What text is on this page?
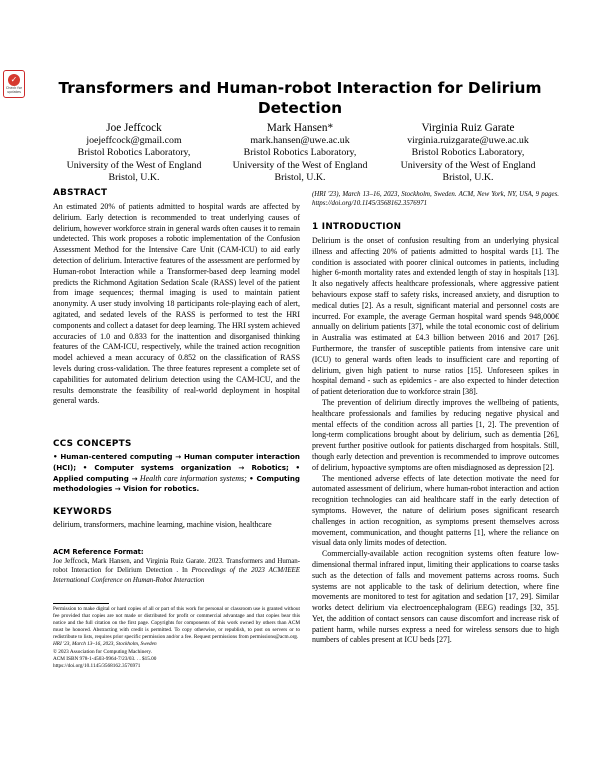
✓
Check for
updates	Transformers and Human-robot Interaction for Delirium Detection
Joe Jeffcock
joejeffcock@gmail.com
Bristol Robotics Laboratory,
University of the West of England
Bristol, U.K.
Mark Hansen*
mark.hansen@uwe.ac.uk
Bristol Robotics Laboratory,
University of the West of England
Bristol, U.K.
Virginia Ruiz Garate
virginia.ruizgarate@uwe.ac.uk
Bristol Robotics Laboratory,
University of the West of England
Bristol, U.K.
ABSTRACT

An estimated 20% of patients admitted to hospital wards are affected by delirium. Early detection is recommended to treat underlying causes of delirium, however workforce strain in general wards often causes it to remain undetected. This work proposes a robotic implementation of the Confusion Assessment Method for the Intensive Care Unit (CAM-ICU) to aid early detection of delirium. Interactive features of the assessment are performed by Human-robot Interaction while a Transformer-based deep learning model predicts the Richmond Agitation Sedation Scale (RASS) level of the patient from image sequences; thermal imaging is used to maintain patient anonymity. A user study involving 18 participants role-playing each of alert, agitated, and sedated levels of the RASS is performed to test the HRI components and collect a dataset for deep learning. The HRI system achieved accuracies of 1.0 and 0.833 for the inattention and disorganised thinking features of the CAM-ICU, respectively, while the trained action recognition model achieved a mean accuracy of 0.852 on the classification of RASS levels during cross-validation. The three features represent a complete set of capabilities for automated delirium detection using the CAM-ICU, and the results demonstrate the feasibility of real-world deployment in hospital general wards.

CCS CONCEPTS

• Human-centered computing → Human computer interaction (HCI); • Computer systems organization → Robotics; • Applied computing → Health care information systems; • Computing methodologies → Vision for robotics.

KEYWORDS

delirium, transformers, machine learning, machine vision, healthcare

ACM Reference Format:

Joe Jeffcock, Mark Hansen, and Virginia Ruiz Garate. 2023. Transformers and Human-robot Interaction for Delirium Detection . In Proceedings of the 2023 ACM/IEEE International Conference on Human-Robot Interaction

Permission to make digital or hard copies of all or part of this work for personal or classroom use is granted without fee provided that copies are not made or distributed for profit or commercial advantage and that copies bear this notice and the full citation on the first page. Copyrights for components of this work owned by others than ACM must be honored. Abstracting with credit is permitted. To copy otherwise, or republish, to post on servers or to redistribute to lists, requires prior specific permission and/or a fee. Request permissions from permissions@acm.org.

HRI '23, March 13–16, 2023, Stockholm, Sweden
© 2023 Association for Computing Machinery.
ACM ISBN 978-1-4503-9964-7/23/03. . . $15.00
https://doi.org/10.1145/3568162.3576971

(HRI '23), March 13–16, 2023, Stockholm, Sweden. ACM, New York, NY, USA, 9 pages. https://doi.org/10.1145/3568162.3576971

1 INTRODUCTION

Delirium is the onset of confusion resulting from an underlying physical illness and affecting 20% of patients admitted to hospital wards [1]. The condition is associated with poorer clinical outcomes in patients, including higher 6-month mortality rates and extended length of stay in hospitals [13]. It also negatively affects healthcare professionals, where aggressive patient behaviours expose staff to safety risks, increased anxiety, and disruption to medical duties [2]. As a result, significant material and personnel costs are incurred. For example, the average German hospital ward spends 948,000€ annually on delirium patients [37], while the total economic cost of delirium in Australia was estimated at £4.3 billion between 2016 and 2017 [26]. Furthermore, the transfer of susceptible patients from intensive care unit (ICU) to general wards often leads to insufficient care and reporting of delirium, given high patient to nurse ratios [15]. Unforeseen spikes in hospital demand - such as epidemics - are also expected to hinder detection of patient deterioration due to workforce strain [38].

The prevention of delirium directly improves the wellbeing of patients, healthcare professionals and families by reducing negative physical and mental effects of the condition across all parties [1, 2]. The prevention of long-term complications brought about by delirium, such as dementia [26], prevent further positive outlook for patients discharged from hospitals. Still, though early detection and prevention is recommended to improve outcomes of delirium, hypoactive symptoms are often misdiagnosed as depression [2].

The mentioned adverse effects of late detection motivate the need for automated assessment of delirium, where human-robot interaction and action recognition technologies can aid healthcare staff in the early detection of symptoms. However, the nature of delirium poses significant research challenges in action recognition, as symptoms present themselves across movement, communication, and thought patterns [1], where the reliance on visual data only limits modes of detection.

Commercially-available action recognition systems often feature low-dimensional thermal infrared input, limiting their applications to coarse tasks such as the detection of falls and movement patterns across rooms. Such systems are not applicable to the task of delirium detection, where fine movements are monitored to test for agitation and sedation [17, 29]. Similar works detect delirium via electroencephalogram (EEG) readings [32, 35]. Yet, the addition of contact sensors can cause discomfort and increase risk of patient harm, while nurses express a need for wireless sensors due to high numbers of cables present at ICU beds [27].
